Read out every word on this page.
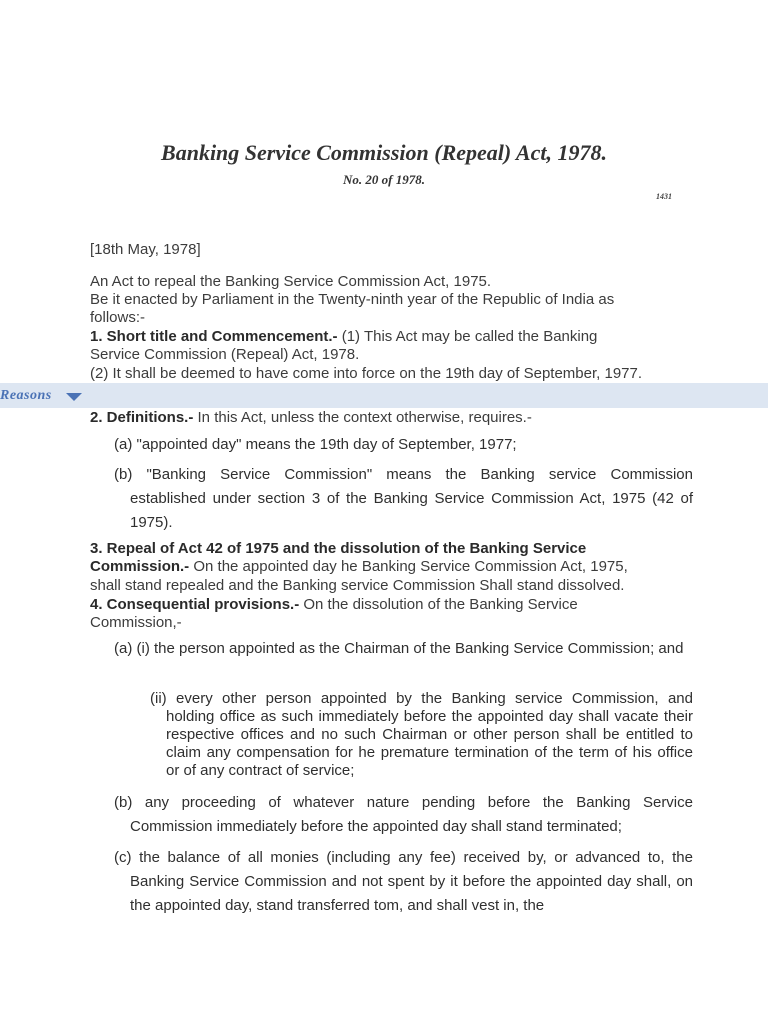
Banking Service Commission (Repeal) Act, 1978.
No. 20 of 1978.
1431
[18th May, 1978]
An Act to repeal the Banking Service Commission Act, 1975.
Be it enacted by Parliament in the Twenty-ninth year of the Republic of India as
follows:-
1. Short title and Commencement.- (1) This Act may be called the Banking
Service Commission (Repeal) Act, 1978.
(2) It shall be deemed to have come into force on the 19th day of September, 1977.
Reasons
2. Definitions.- In this Act, unless the context otherwise, requires.-
(a) "appointed day" means the 19th day of September, 1977;
(b) "Banking Service Commission" means the Banking service Commission established under section 3 of the Banking Service Commission Act, 1975 (42 of 1975).
3. Repeal of Act 42 of 1975 and the dissolution of the Banking Service
Commission.- On the appointed day he Banking Service Commission Act, 1975,
shall stand repealed and the Banking service Commission Shall stand dissolved.
4. Consequential provisions.- On the dissolution of the Banking Service
Commission,-
(a) (i) the person appointed as the Chairman of the Banking Service Commission; and
(ii) every other person appointed by the Banking service Commission, and holding office as such immediately before the appointed day shall vacate their respective offices and no such Chairman or other person shall be entitled to claim any compensation for he premature termination of the term of his office or of any contract of service;
(b) any proceeding of whatever nature pending before the Banking Service Commission immediately before the appointed day shall stand terminated;
(c) the balance of all monies (including any fee) received by, or advanced to, the Banking Service Commission and not spent by it before the appointed day shall, on the appointed day, stand transferred tom, and shall vest in, the
